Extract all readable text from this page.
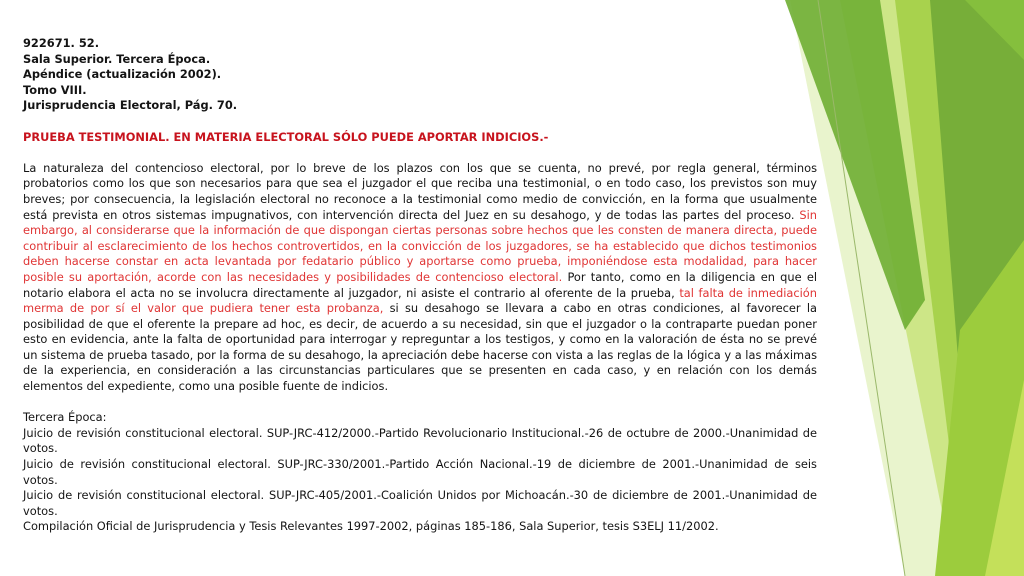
922671. 52.

Sala Superior. Tercera Época.

Apéndice (actualización 2002).

Tomo VIII.

Jurisprudencia Electoral, Pág. 70.

PRUEBA TESTIMONIAL. EN MATERIA ELECTORAL SÓLO PUEDE APORTAR INDICIOS.-

La naturaleza del contencioso electoral, por lo breve de los plazos con los que se cuenta, no prevé, por regla general, términos probatorios como los que son necesarios para que sea el juzgador el que reciba una testimonial, o en todo caso, los previstos son muy breves; por consecuencia, la legislación electoral no reconoce a la testimonial como medio de convicción, en la forma que usualmente está prevista en otros sistemas impugnativos, con intervención directa del Juez en su desahogo, y de todas las partes del proceso. Sin embargo, al considerarse que la información de que dispongan ciertas personas sobre hechos que les consten de manera directa, puede contribuir al esclarecimiento de los hechos controvertidos, en la convicción de los juzgadores, se ha establecido que dichos testimonios deben hacerse constar en acta levantada por fedatario público y aportarse como prueba, imponiéndose esta modalidad, para hacer posible su aportación, acorde con las necesidades y posibilidades de contencioso electoral. Por tanto, como en la diligencia en que el notario elabora el acta no se involucra directamente al juzgador, ni asiste el contrario al oferente de la prueba, tal falta de inmediación merma de por sí el valor que pudiera tener esta probanza, si su desahogo se llevara a cabo en otras condiciones, al favorecer la posibilidad de que el oferente la prepare ad hoc, es decir, de acuerdo a su necesidad, sin que el juzgador o la contraparte puedan poner esto en evidencia, ante la falta de oportunidad para interrogar y repreguntar a los testigos, y como en la valoración de ésta no se prevé un sistema de prueba tasado, por la forma de su desahogo, la apreciación debe hacerse con vista a las reglas de la lógica y a las máximas de la experiencia, en consideración a las circunstancias particulares que se presenten en cada caso, y en relación con los demás elementos del expediente, como una posible fuente de indicios.

Tercera Época:

Juicio de revisión constitucional electoral. SUP-JRC-412/2000.-Partido Revolucionario Institucional.-26 de octubre de 2000.-Unanimidad de votos.

Juicio de revisión constitucional electoral. SUP-JRC-330/2001.-Partido Acción Nacional.-19 de diciembre de 2001.-Unanimidad de seis votos.

Juicio de revisión constitucional electoral. SUP-JRC-405/2001.-Coalición Unidos por Michoacán.-30 de diciembre de 2001.-Unanimidad de votos.

Compilación Oficial de Jurisprudencia y Tesis Relevantes 1997-2002, páginas 185-186, Sala Superior, tesis S3ELJ 11/2002.
